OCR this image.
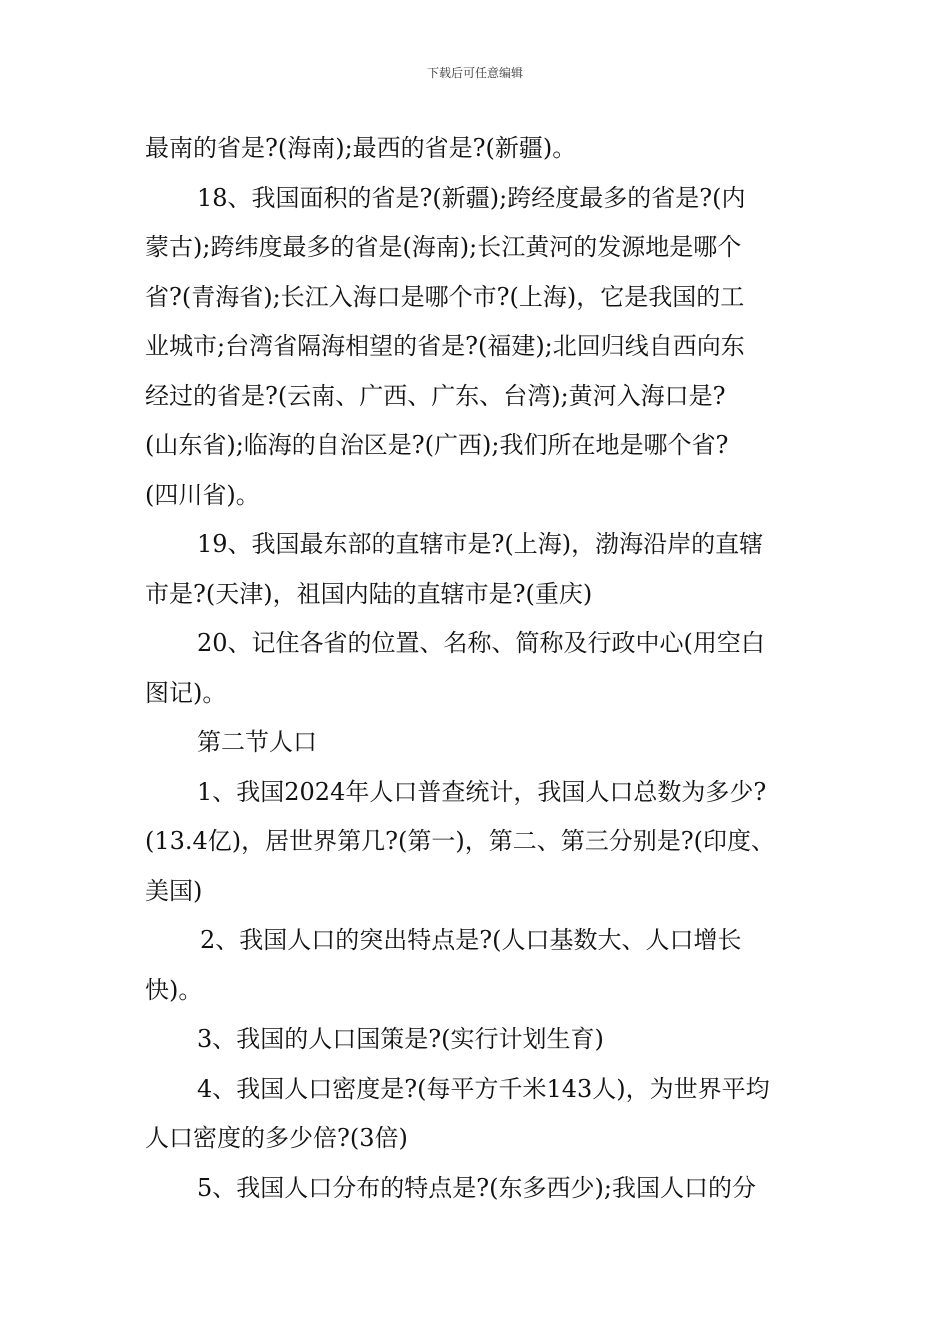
下载后可任意编辑
最南的省是?(海南);最西的省是?(新疆)。
18、我国面积的省是?(新疆);跨经度最多的省是?(内
蒙古);跨纬度最多的省是(海南);长江黄河的发源地是哪个
省?(青海省);长江入海口是哪个市?(上海)，它是我国的工
业城市;台湾省隔海相望的省是?(福建);北回归线自西向东
经过的省是?(云南、广西、广东、台湾);黄河入海口是?
(山东省);临海的自治区是?(广西);我们所在地是哪个省?
(四川省)。
19、我国最东部的直辖市是?(上海)，渤海沿岸的直辖
市是?(天津)，祖国内陆的直辖市是?(重庆)
20、记住各省的位置、名称、简称及行政中心(用空白
图记)。
第二节人口
1、我国2024年人口普查统计，我国人口总数为多少?
(13.4亿)，居世界第几?(第一)，第二、第三分别是?(印度、
美国)
2、我国人口的突出特点是?(人口基数大、人口增长
快)。
3、我国的人口国策是?(实行计划生育)
4、我国人口密度是?(每平方千米143人)，为世界平均
人口密度的多少倍?(3倍)
5、我国人口分布的特点是?(东多西少);我国人口的分
